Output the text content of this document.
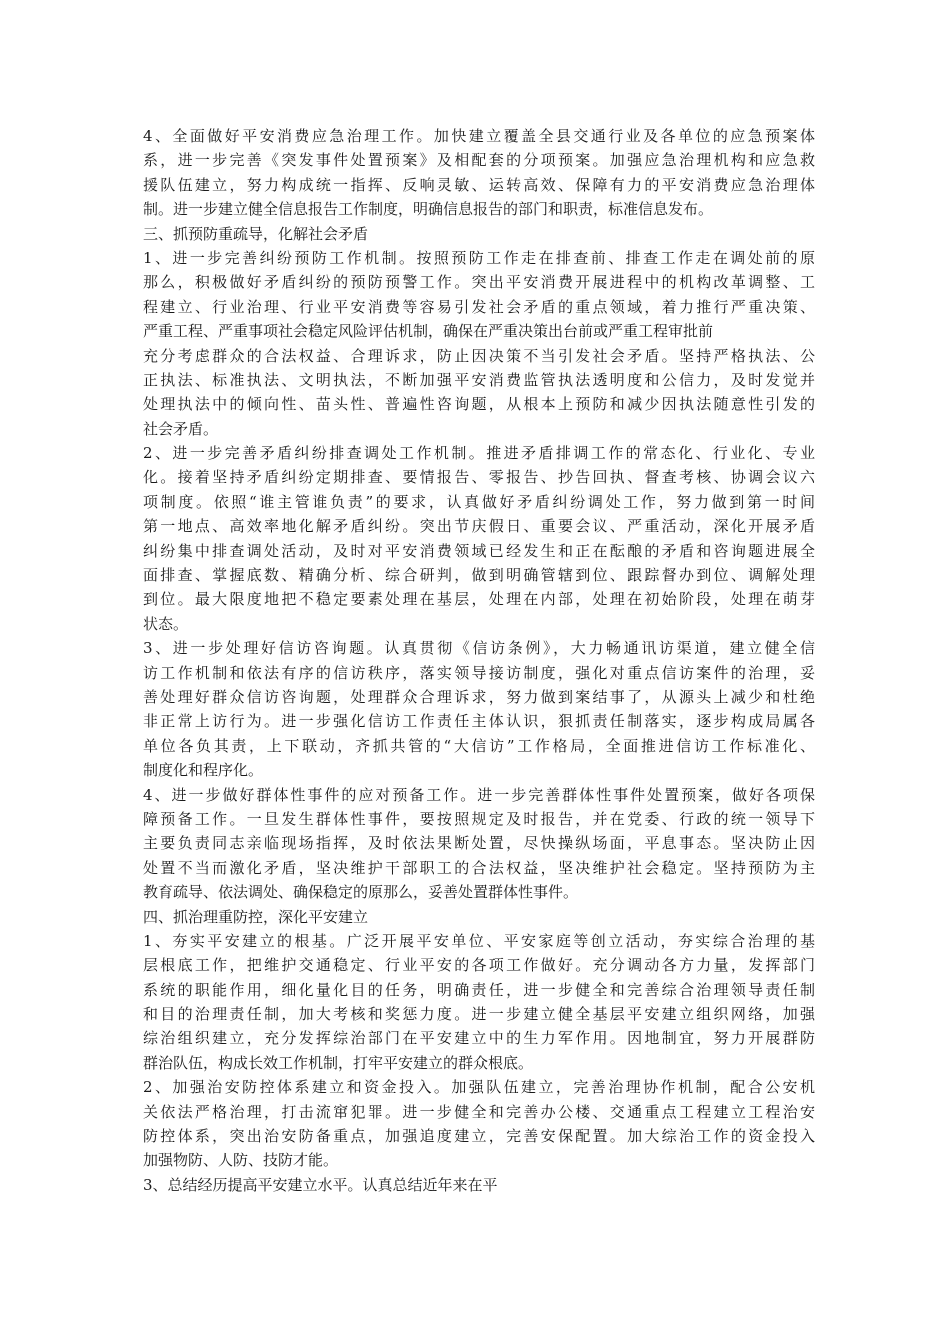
4、全面做好平安消费应急治理工作。加快建立覆盖全县交通行业及各单位的应急预案体
系，进一步完善《突发事件处置预案》及相配套的分项预案。加强应急治理机构和应急救
援队伍建立，努力构成统一指挥、反响灵敏、运转高效、保障有力的平安消费应急治理体
制。进一步建立健全信息报告工作制度，明确信息报告的部门和职责，标准信息发布。
三、抓预防重疏导，化解社会矛盾
1、进一步完善纠纷预防工作机制。按照预防工作走在排查前、排查工作走在调处前的原
那么，积极做好矛盾纠纷的预防预警工作。突出平安消费开展进程中的机构改革调整、工
程建立、行业治理、行业平安消费等容易引发社会矛盾的重点领域，着力推行严重决策、
严重工程、严重事项社会稳定风险评估机制，确保在严重决策出台前或严重工程审批前
充分考虑群众的合法权益、合理诉求，防止因决策不当引发社会矛盾。坚持严格执法、公
正执法、标准执法、文明执法，不断加强平安消费监管执法透明度和公信力，及时发觉并
处理执法中的倾向性、苗头性、普遍性咨询题，从根本上预防和减少因执法随意性引发的
社会矛盾。
2、进一步完善矛盾纠纷排查调处工作机制。推进矛盾排调工作的常态化、行业化、专业
化。接着坚持矛盾纠纷定期排查、要情报告、零报告、抄告回执、督查考核、协调会议六
项制度。依照“谁主管谁负责”的要求，认真做好矛盾纠纷调处工作，努力做到第一时间
第一地点、高效率地化解矛盾纠纷。突出节庆假日、重要会议、严重活动，深化开展矛盾
纠纷集中排查调处活动，及时对平安消费领域已经发生和正在酝酿的矛盾和咨询题进展全
面排查、掌握底数、精确分析、综合研判，做到明确管辖到位、跟踪督办到位、调解处理
到位。最大限度地把不稳定要素处理在基层，处理在内部，处理在初始阶段，处理在萌芽
状态。
3、进一步处理好信访咨询题。认真贯彻《信访条例》，大力畅通讯访渠道，建立健全信
访工作机制和依法有序的信访秩序，落实领导接访制度，强化对重点信访案件的治理，妥
善处理好群众信访咨询题，处理群众合理诉求，努力做到案结事了，从源头上减少和杜绝
非正常上访行为。进一步强化信访工作责任主体认识，狠抓责任制落实，逐步构成局属各
单位各负其责，上下联动，齐抓共管的“大信访”工作格局，全面推进信访工作标准化、
制度化和程序化。
4、进一步做好群体性事件的应对预备工作。进一步完善群体性事件处置预案，做好各项保
障预备工作。一旦发生群体性事件，要按照规定及时报告，并在党委、行政的统一领导下
主要负责同志亲临现场指挥，及时依法果断处置，尽快操纵场面，平息事态。坚决防止因
处置不当而激化矛盾，坚决维护干部职工的合法权益，坚决维护社会稳定。坚持预防为主
教育疏导、依法调处、确保稳定的原那么，妥善处置群体性事件。
四、抓治理重防控，深化平安建立
1、夯实平安建立的根基。广泛开展平安单位、平安家庭等创立活动，夯实综合治理的基
层根底工作，把维护交通稳定、行业平安的各项工作做好。充分调动各方力量，发挥部门
系统的职能作用，细化量化目的任务，明确责任，进一步健全和完善综合治理领导责任制
和目的治理责任制，加大考核和奖惩力度。进一步建立健全基层平安建立组织网络，加强
综治组织建立，充分发挥综治部门在平安建立中的生力军作用。因地制宜，努力开展群防
群治队伍，构成长效工作机制，打牢平安建立的群众根底。
2、加强治安防控体系建立和资金投入。加强队伍建立，完善治理协作机制，配合公安机
关依法严格治理，打击流窜犯罪。进一步健全和完善办公楼、交通重点工程建立工程治安
防控体系，突出治安防备重点，加强追度建立，完善安保配置。加大综治工作的资金投入
加强物防、人防、技防才能。
3、总结经历提高平安建立水平。认真总结近年来在平
